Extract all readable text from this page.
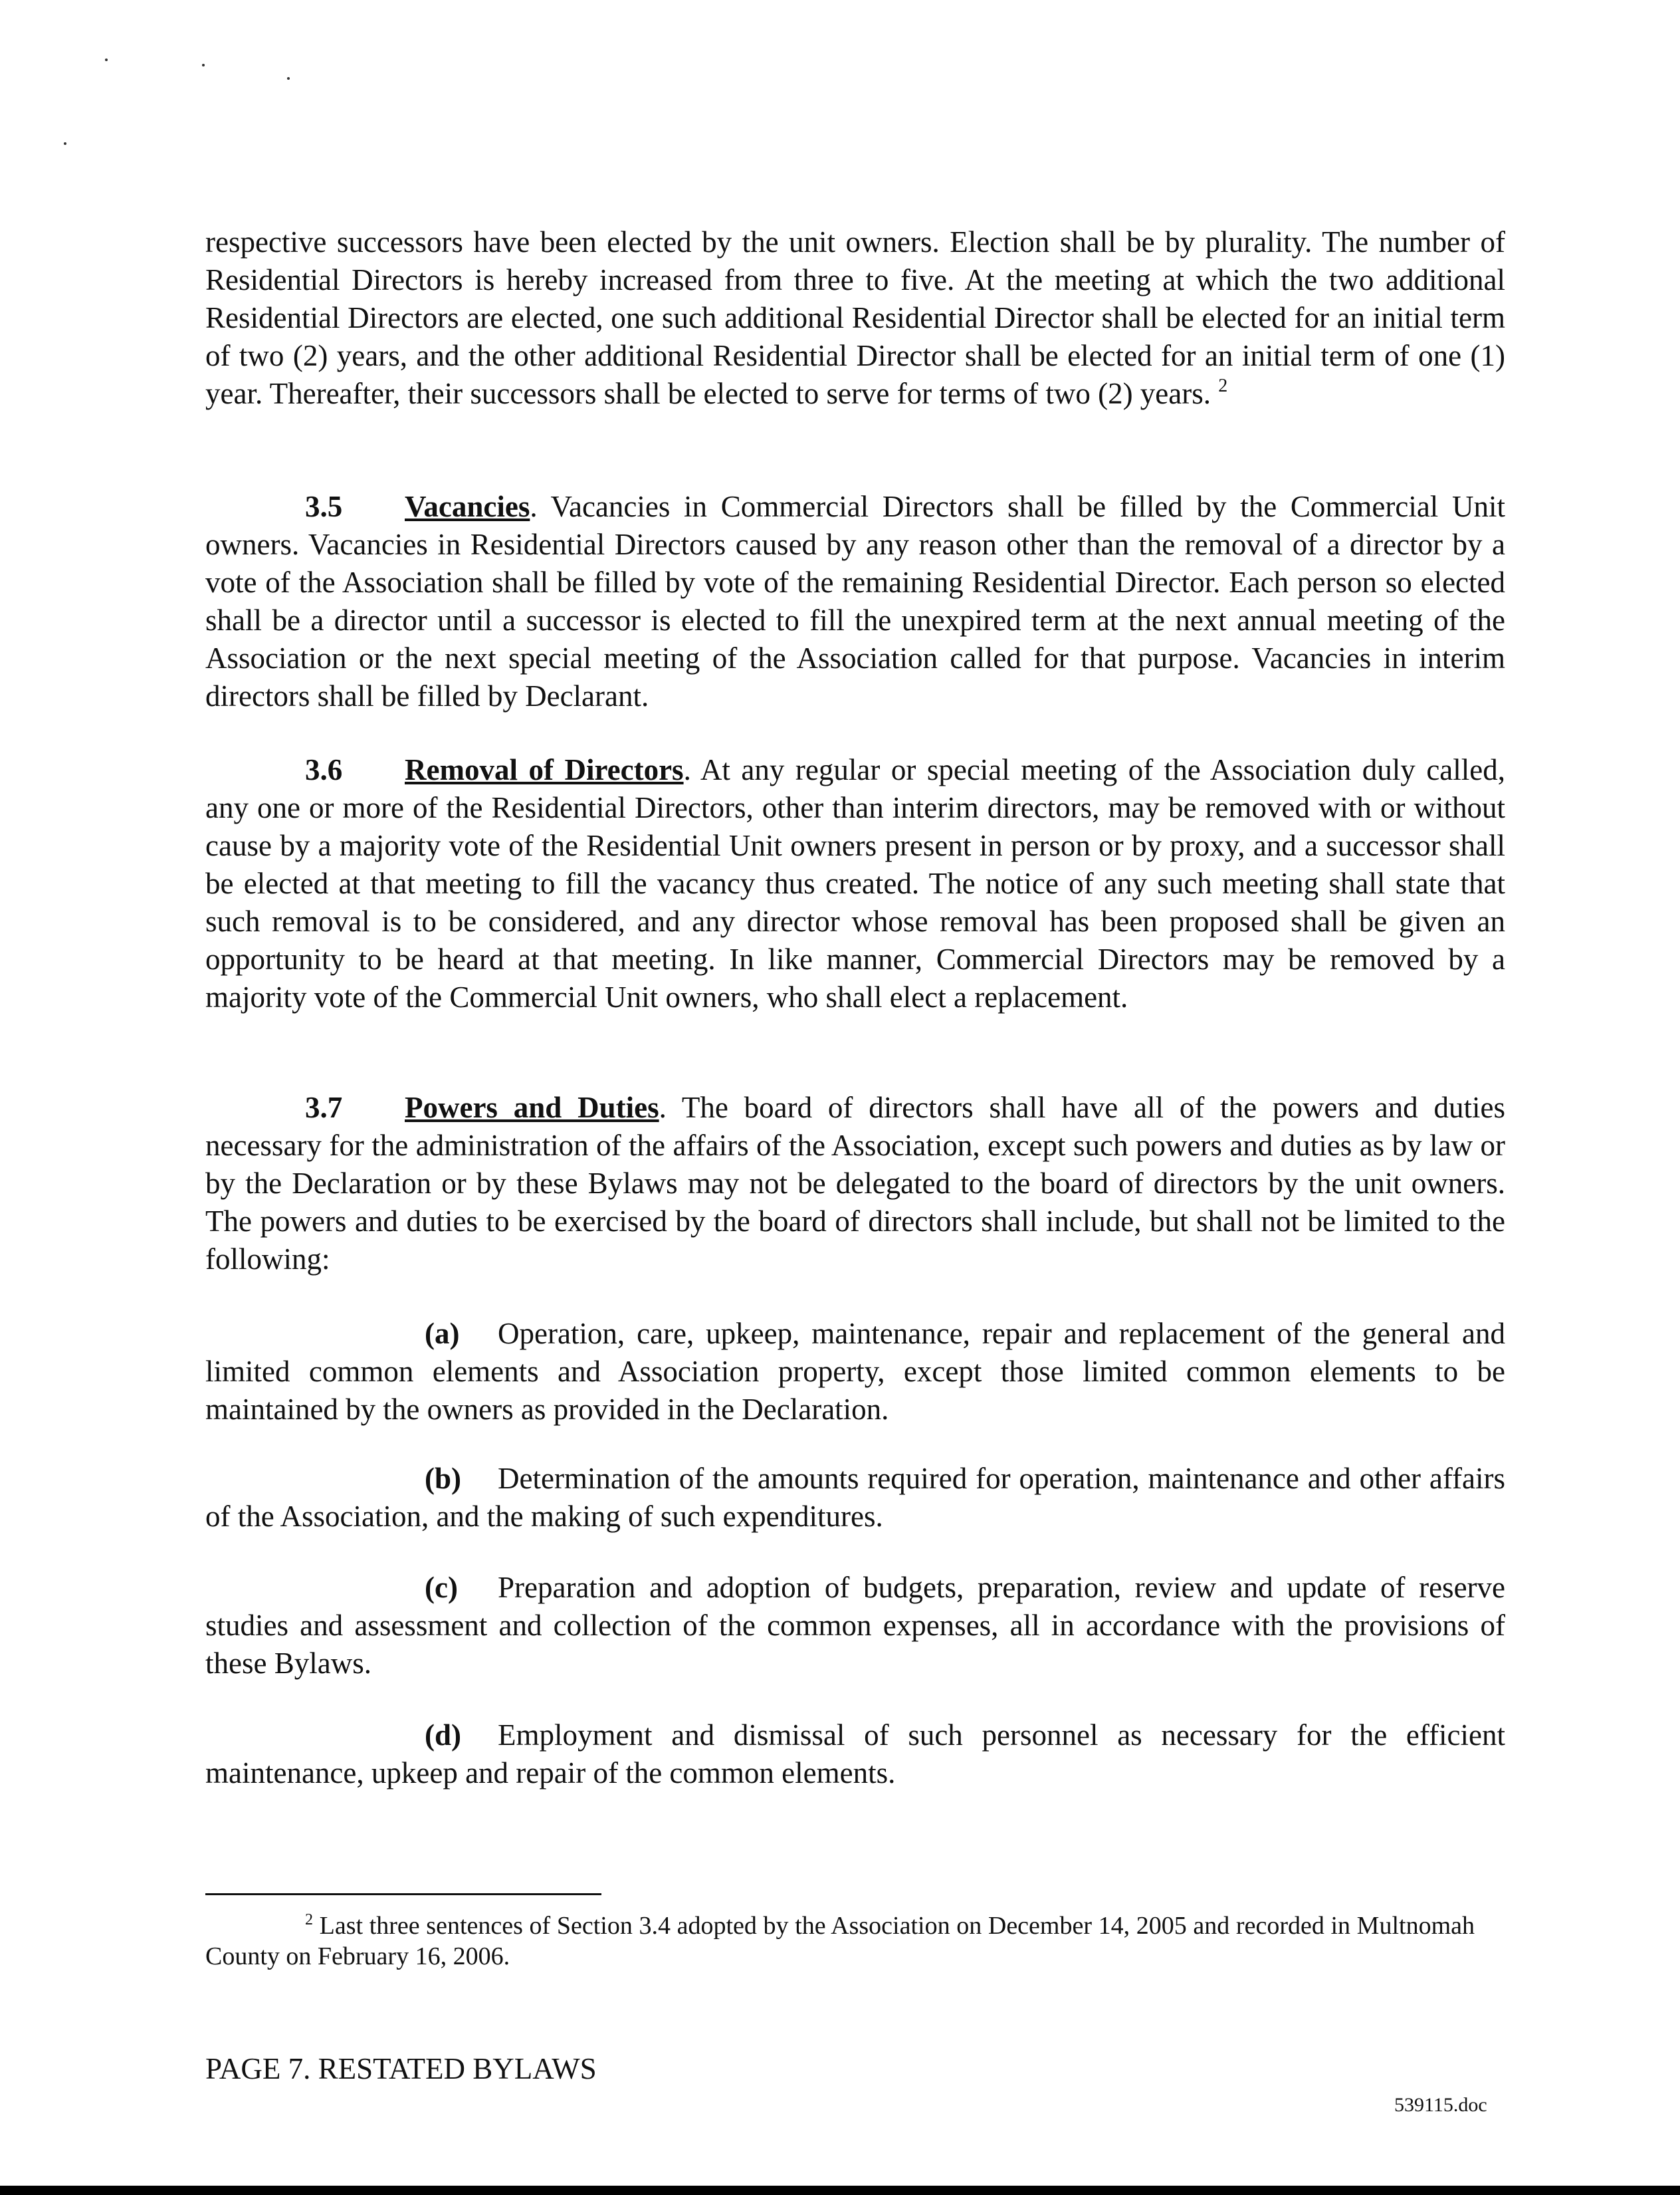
respective successors have been elected by the unit owners. Election shall be by plurality. The number of Residential Directors is hereby increased from three to five. At the meeting at which the two additional Residential Directors are elected, one such additional Residential Director shall be elected for an initial term of two (2) years, and the other additional Residential Director shall be elected for an initial term of one (1) year. Thereafter, their successors shall be elected to serve for terms of two (2) years. $^2$

3.5 Vacancies. Vacancies in Commercial Directors shall be filled by the Commercial Unit owners. Vacancies in Residential Directors caused by any reason other than the removal of a director by a vote of the Association shall be filled by vote of the remaining Residential Director. Each person so elected shall be a director until a successor is elected to fill the unexpired term at the next annual meeting of the Association or the next special meeting of the Association called for that purpose. Vacancies in interim directors shall be filled by Declarant.

3.6 Removal of Directors. At any regular or special meeting of the Association duly called, any one or more of the Residential Directors, other than interim directors, may be removed with or without cause by a majority vote of the Residential Unit owners present in person or by proxy, and a successor shall be elected at that meeting to fill the vacancy thus created. The notice of any such meeting shall state that such removal is to be considered, and any director whose removal has been proposed shall be given an opportunity to be heard at that meeting. In like manner, Commercial Directors may be removed by a majority vote of the Commercial Unit owners, who shall elect a replacement.

3.7 Powers and Duties. The board of directors shall have all of the powers and duties necessary for the administration of the affairs of the Association, except such powers and duties as by law or by the Declaration or by these Bylaws may not be delegated to the board of directors by the unit owners. The powers and duties to be exercised by the board of directors shall include, but shall not be limited to the following:

(a) Operation, care, upkeep, maintenance, repair and replacement of the general and limited common elements and Association property, except those limited common elements to be maintained by the owners as provided in the Declaration.

(b) Determination of the amounts required for operation, maintenance and other affairs of the Association, and the making of such expenditures.

(c) Preparation and adoption of budgets, preparation, review and update of reserve studies and assessment and collection of the common expenses, all in accordance with the provisions of these Bylaws.

(d) Employment and dismissal of such personnel as necessary for the efficient maintenance, upkeep and repair of the common elements.

$^2$ Last three sentences of Section 3.4 adopted by the Association on December 14, 2005 and recorded in Multnomah County on February 16, 2006.
PAGE 7. RESTATED BYLAWS
539115.doc
